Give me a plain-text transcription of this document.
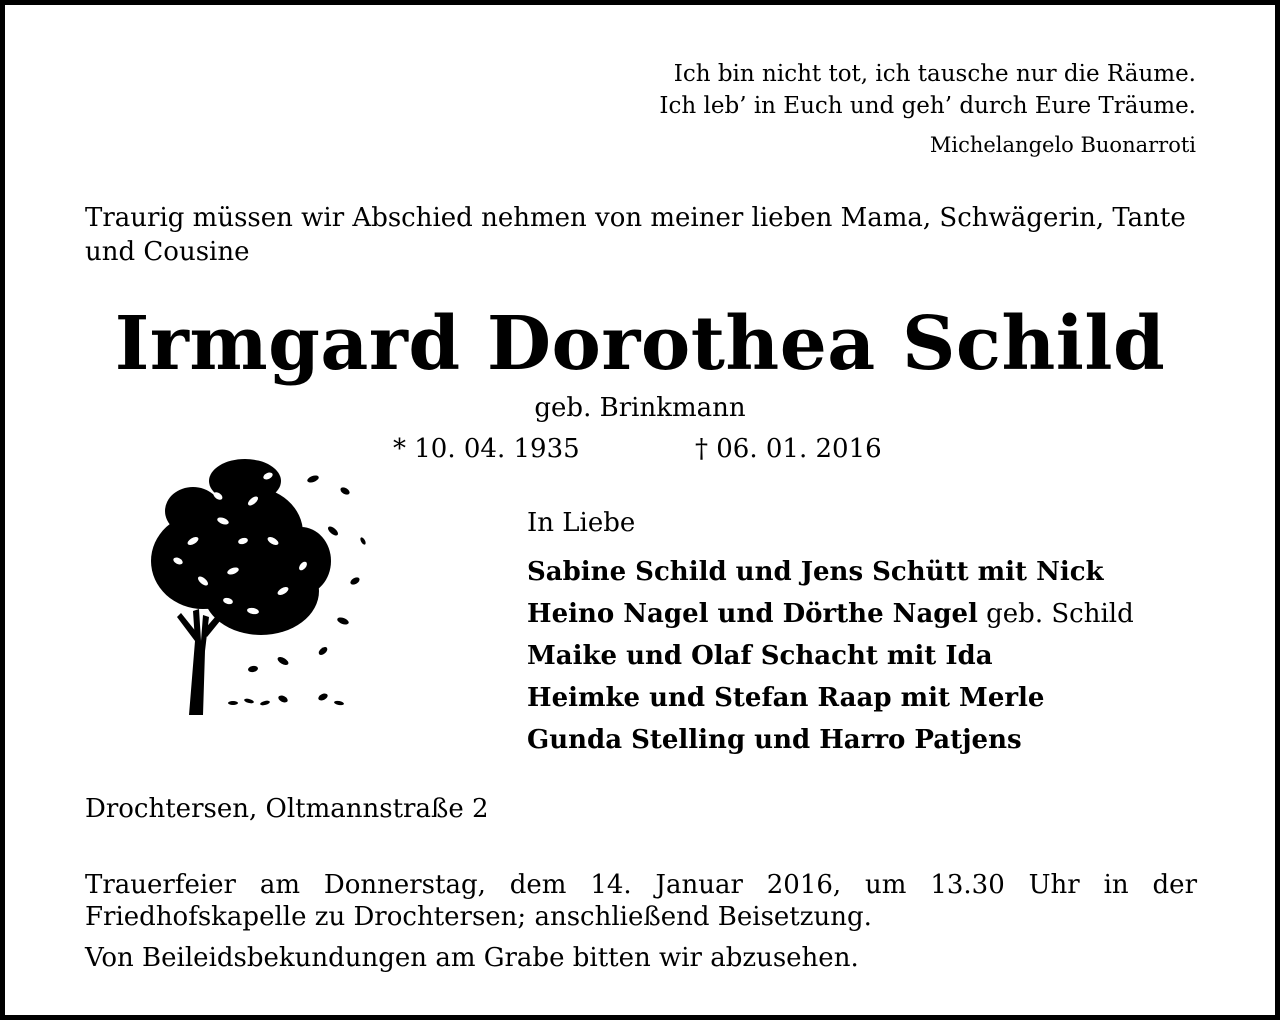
Ich bin nicht tot, ich tausche nur die Räume.
Ich leb’ in Euch und geh’ durch Eure Träume.
Michelangelo Buonarroti
Traurig müssen wir Abschied nehmen von meiner lieben Mama, Schwägerin, Tante und Cousine
Irmgard Dorothea Schild
geb. Brinkmann
* 10. 04. 1935	† 06. 01. 2016
In Liebe
Sabine Schild und Jens Schütt mit Nick
Heino Nagel und Dörthe Nagel geb. Schild
Maike und Olaf Schacht mit Ida
Heimke und Stefan Raap mit Merle
Gunda Stelling und Harro Patjens
Drochtersen, Oltmannstraße 2
Trauerfeier am Donnerstag, dem 14. Januar 2016, um 13.30 Uhr in der Friedhofskapelle zu Drochtersen; anschließend Beisetzung.
Von Beileidsbekundungen am Grabe bitten wir abzusehen.
